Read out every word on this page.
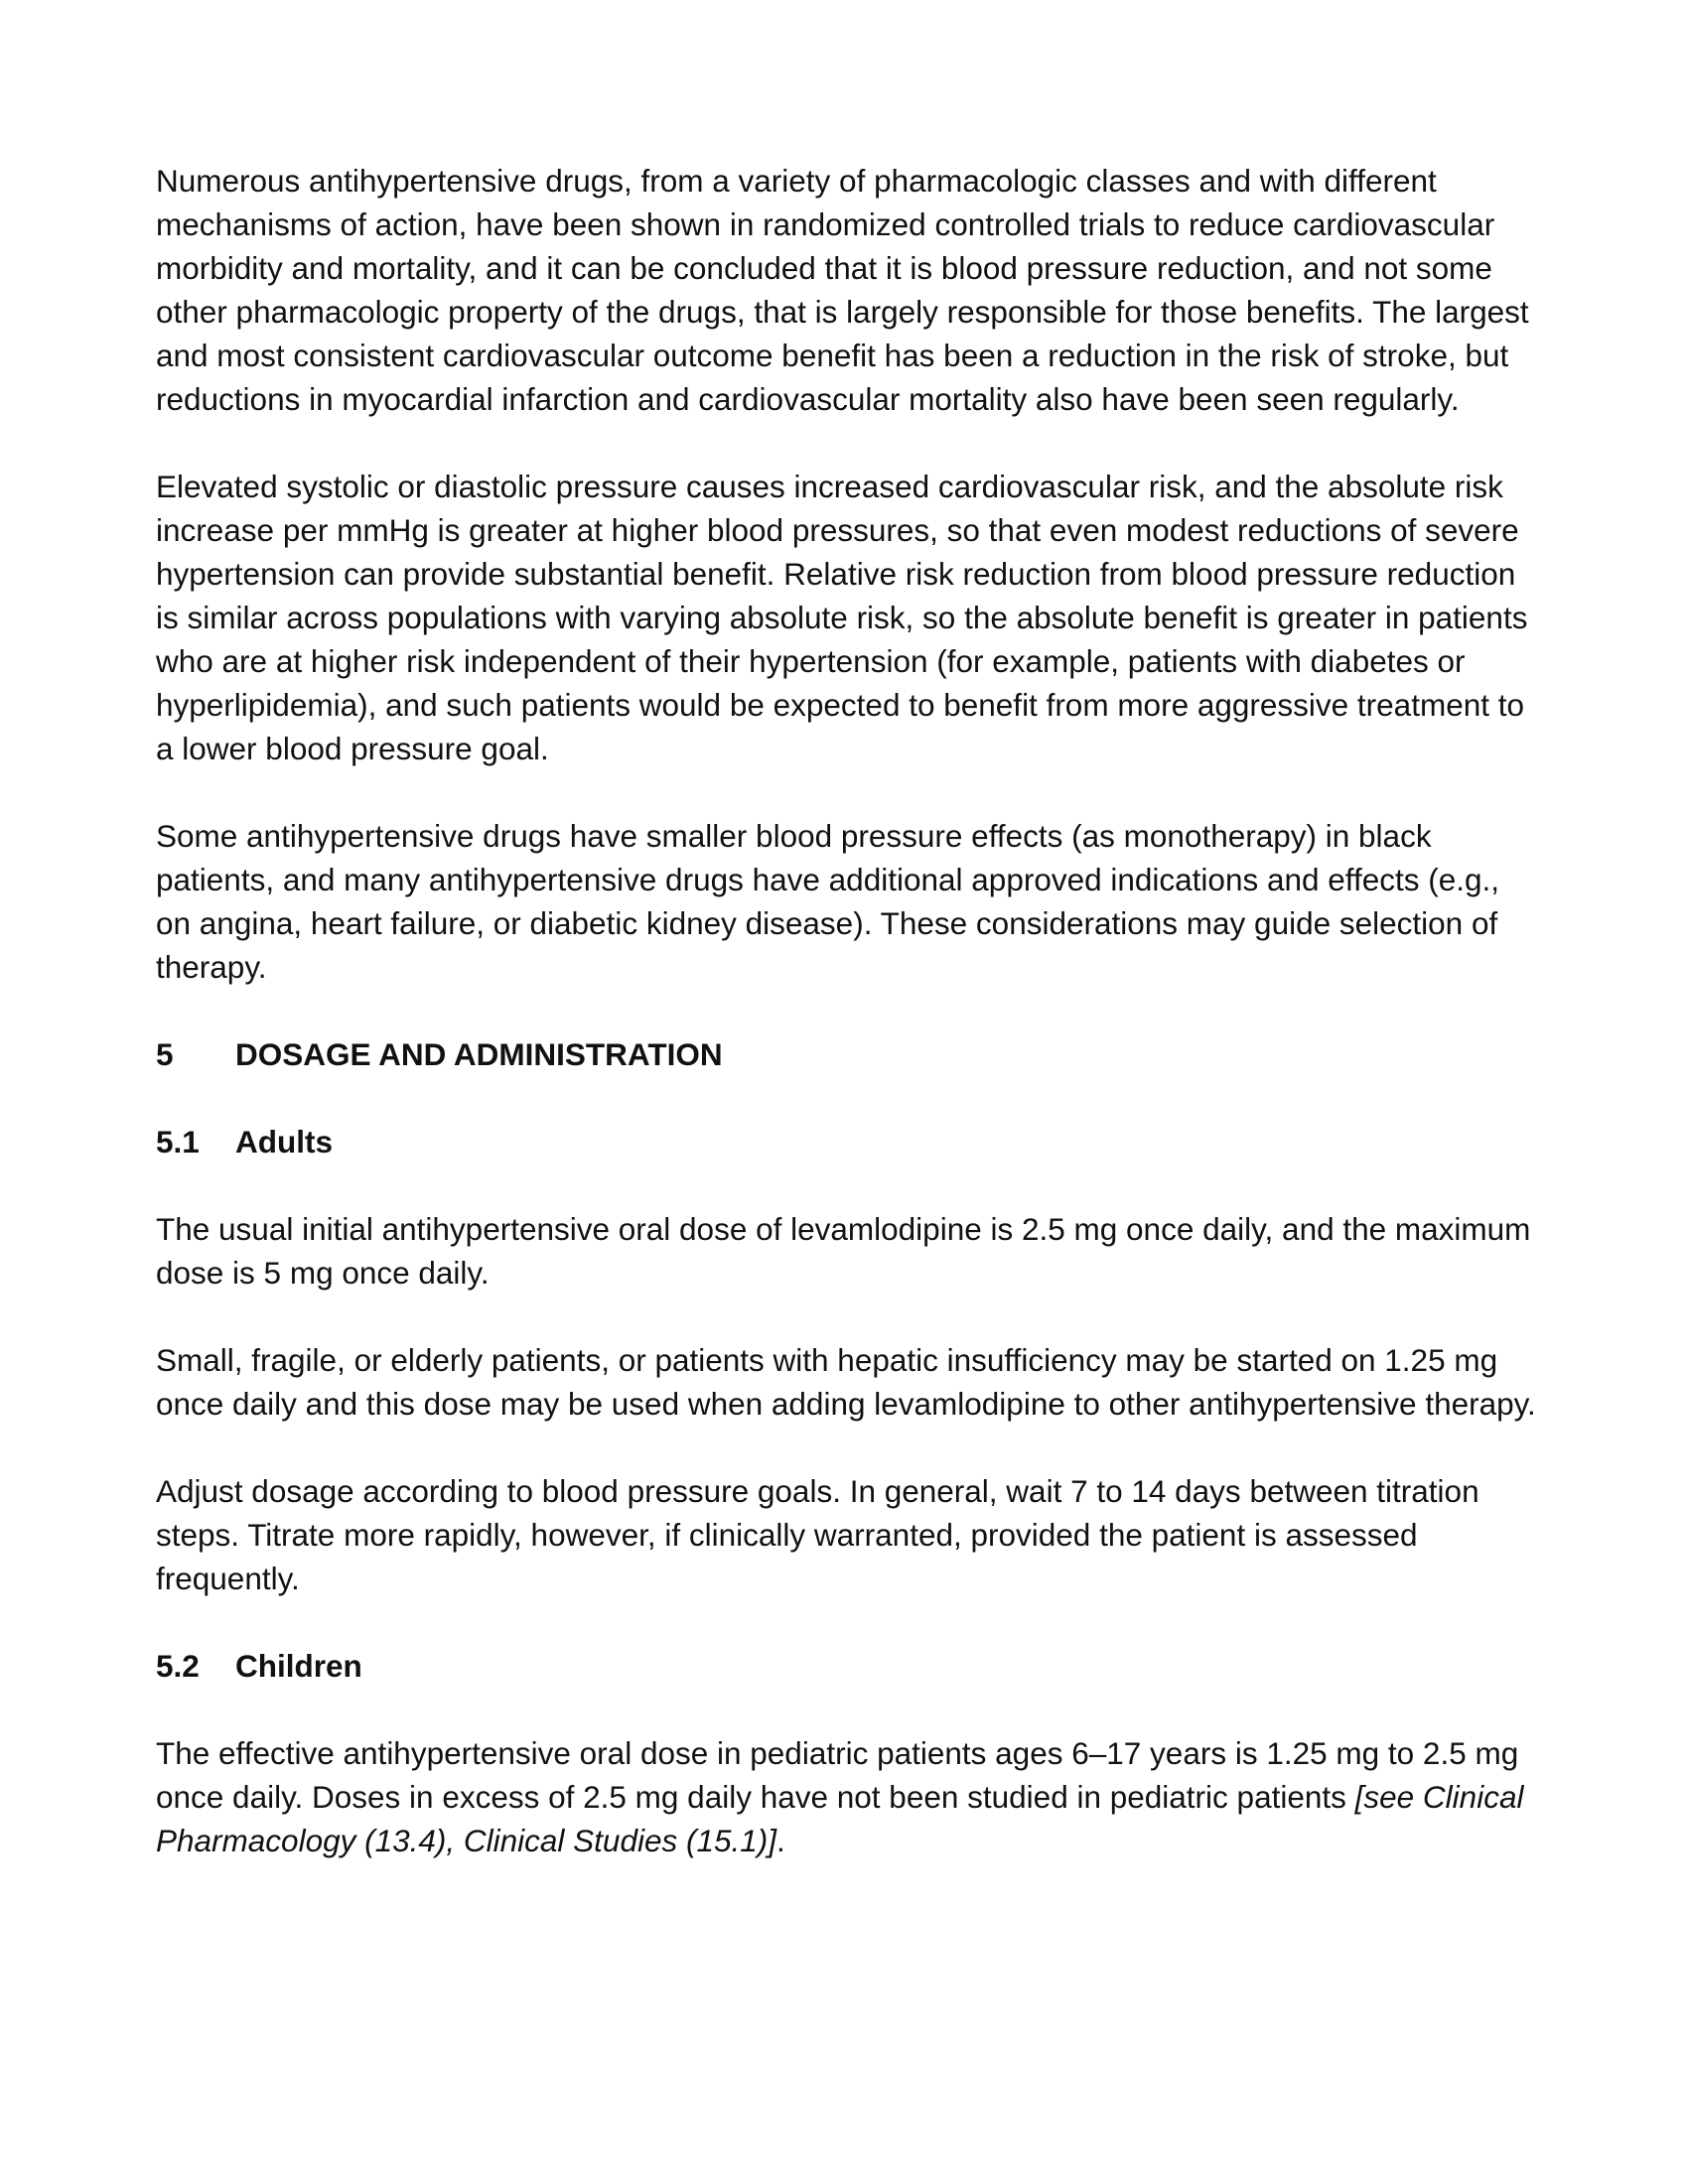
Numerous antihypertensive drugs, from a variety of pharmacologic classes and with different mechanisms of action, have been shown in randomized controlled trials to reduce cardiovascular morbidity and mortality, and it can be concluded that it is blood pressure reduction, and not some other pharmacologic property of the drugs, that is largely responsible for those benefits. The largest and most consistent cardiovascular outcome benefit has been a reduction in the risk of stroke, but reductions in myocardial infarction and cardiovascular mortality also have been seen regularly.

Elevated systolic or diastolic pressure causes increased cardiovascular risk, and the absolute risk increase per mmHg is greater at higher blood pressures, so that even modest reductions of severe hypertension can provide substantial benefit. Relative risk reduction from blood pressure reduction is similar across populations with varying absolute risk, so the absolute benefit is greater in patients who are at higher risk independent of their hypertension (for example, patients with diabetes or hyperlipidemia), and such patients would be expected to benefit from more aggressive treatment to a lower blood pressure goal.

Some antihypertensive drugs have smaller blood pressure effects (as monotherapy) in black patients, and many antihypertensive drugs have additional approved indications and effects (e.g., on angina, heart failure, or diabetic kidney disease). These considerations may guide selection of therapy.

5	DOSAGE AND ADMINISTRATION
5.1	Adults

The usual initial antihypertensive oral dose of levamlodipine is 2.5 mg once daily, and the maximum dose is 5 mg once daily.

Small, fragile, or elderly patients, or patients with hepatic insufficiency may be started on 1.25 mg once daily and this dose may be used when adding levamlodipine to other antihypertensive therapy.

Adjust dosage according to blood pressure goals. In general, wait 7 to 14 days between titration steps. Titrate more rapidly, however, if clinically warranted, provided the patient is assessed frequently.

5.2	Children

The effective antihypertensive oral dose in pediatric patients ages 6–17 years is 1.25 mg to 2.5 mg once daily. Doses in excess of 2.5 mg daily have not been studied in pediatric patients [see Clinical Pharmacology (13.4), Clinical Studies (15.1)].
